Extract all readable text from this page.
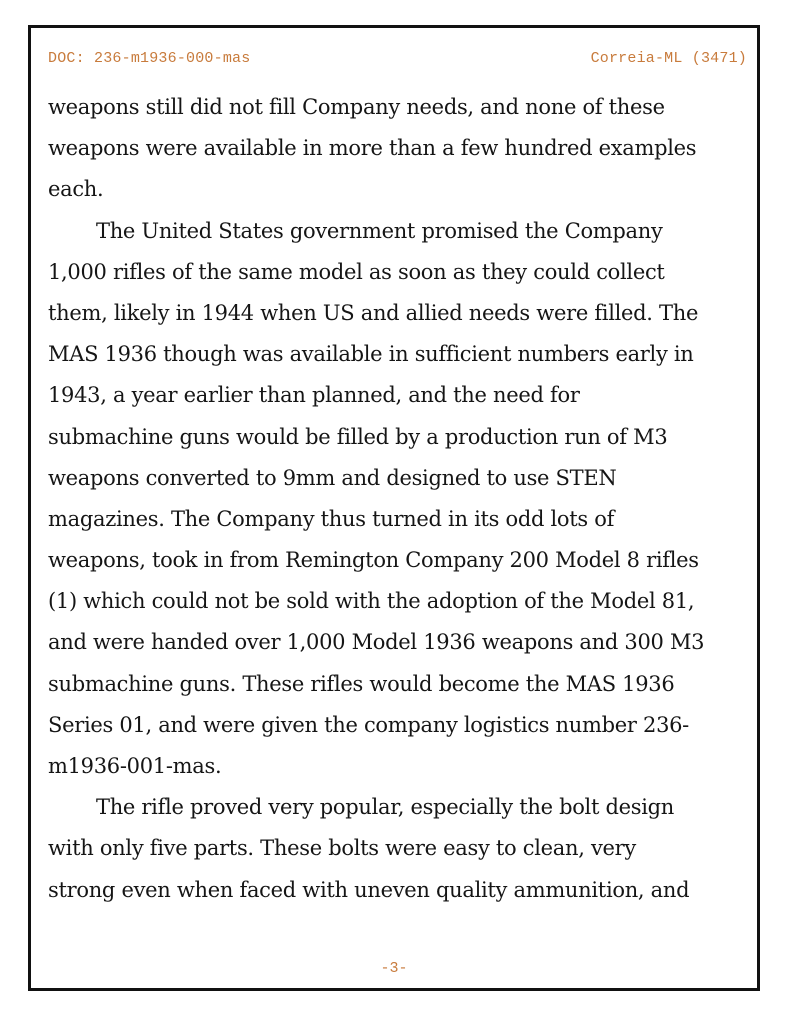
DOC: 236-m1936-000-mas	Correia-ML (3471)
weapons still did not fill Company needs, and none of these
weapons were available in more than a few hundred examples
each.
The United States government promised the Company
1,000 rifles of the same model as soon as they could collect
them, likely in 1944 when US and allied needs were filled. The
MAS 1936 though was available in sufficient numbers early in
1943, a year earlier than planned, and the need for
submachine guns would be filled by a production run of M3
weapons converted to 9mm and designed to use STEN
magazines. The Company thus turned in its odd lots of
weapons, took in from Remington Company 200 Model 8 rifles
(1) which could not be sold with the adoption of the Model 81,
and were handed over 1,000 Model 1936 weapons and 300 M3
submachine guns. These rifles would become the MAS 1936
Series 01, and were given the company logistics number 236-
m1936-001-mas.
The rifle proved very popular, especially the bolt design
with only five parts. These bolts were easy to clean, very
strong even when faced with uneven quality ammunition, and
-3-
